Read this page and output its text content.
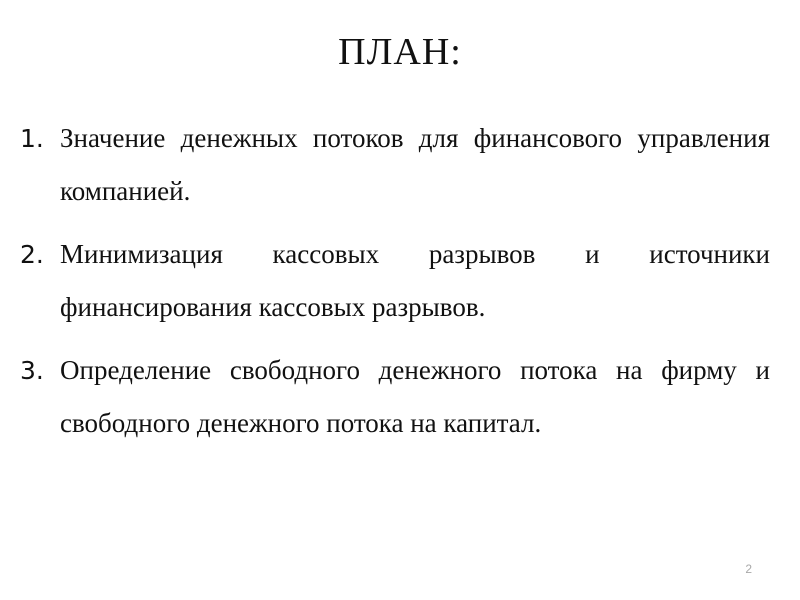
ПЛАН:
1. Значение денежных потоков для финансового управления компанией.
2. Минимизация кассовых разрывов и источники финансирования кассовых разрывов.
3. Определение свободного денежного потока на фирму и свободного денежного потока на капитал.
2
